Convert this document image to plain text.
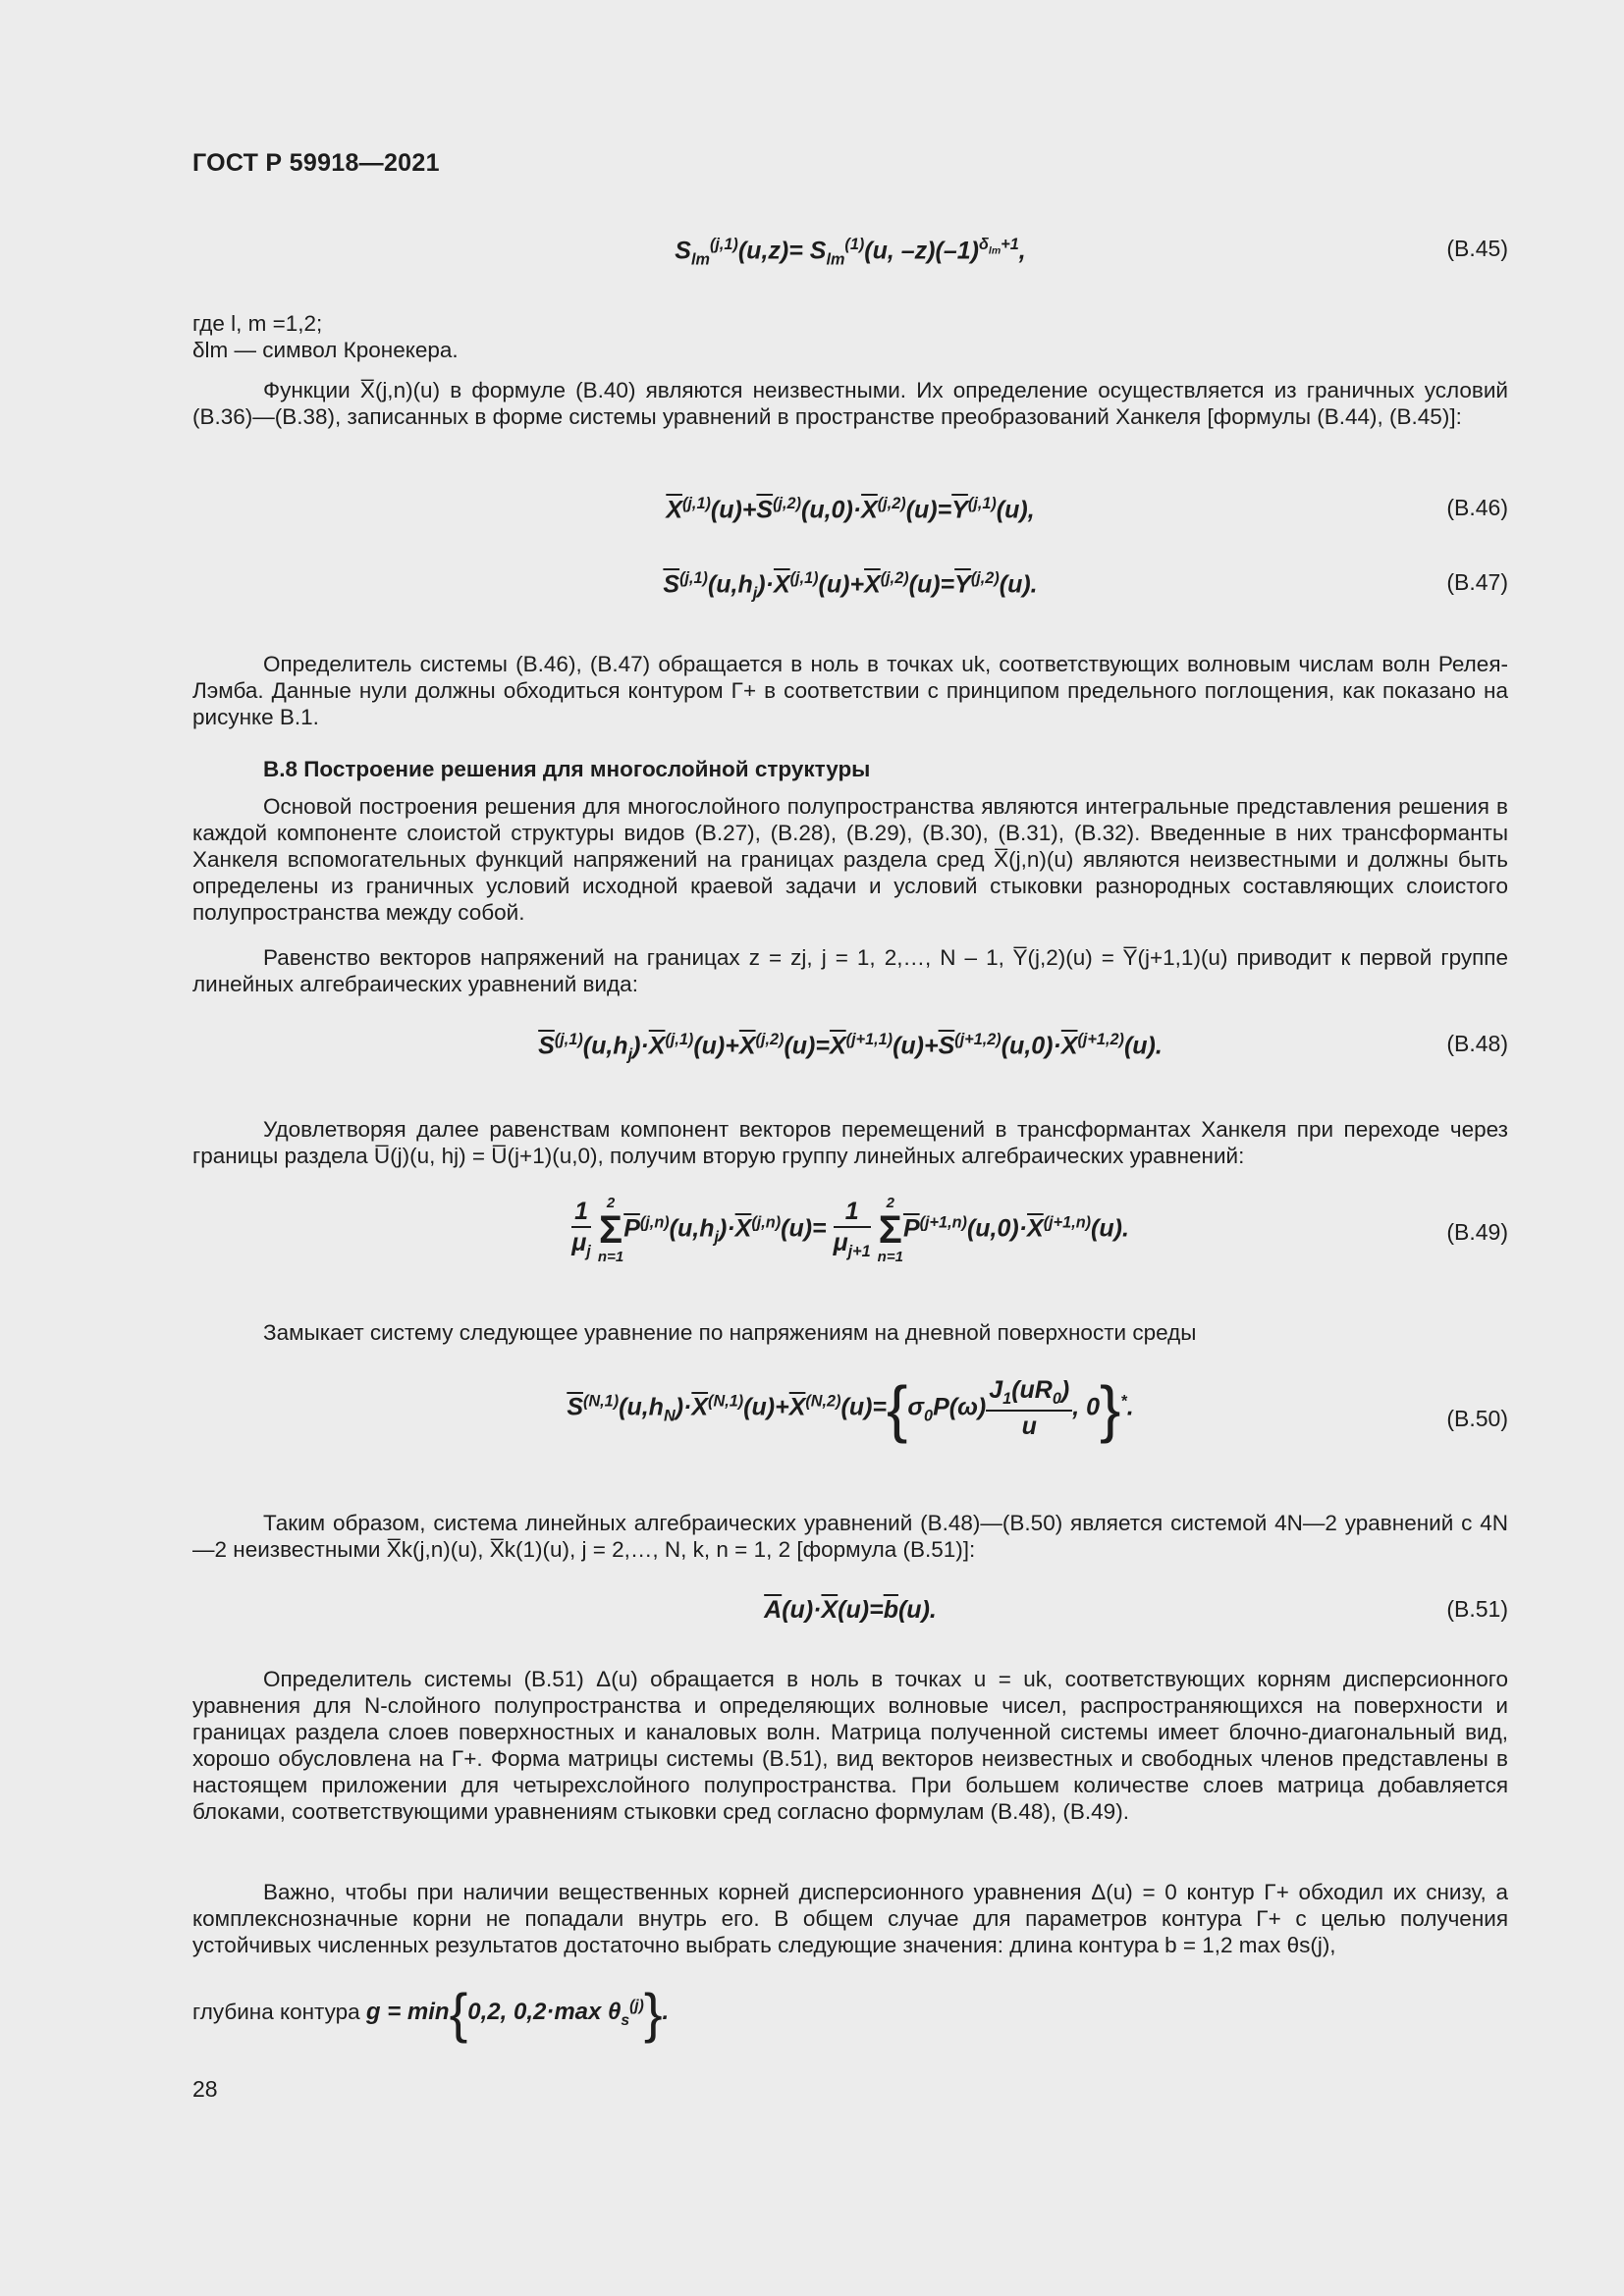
ГОСТ Р 59918—2021
$S_{lm}^{(j,1)}(u,z)= S_{lm}^{(1)}(u$, $-z)(-1)^{\delta_{lm}+1}$,	(В.45)

где l, m =1,2;

δlm — символ Кронекера.

Функции X̅(j,n)(u) в формуле (В.40) являются неизвестными. Их определение осуществляется из граничных условий (В.36)—(В.38), записанных в форме системы уравнений в пространстве преобразований Ханкеля [формулы (В.44), (В.45)]:

$\overline{X}^{(j,1)}(u)+\overline{S}^{(j,2)}(u,0)\cdot\overline{X}^{(j,2)}(u)=\overline{Y}^{(j,1)}(u)$,	(В.46)
$\overline{S}^{(j,1)}(u,h_j)\cdot\overline{X}^{(j,1)}(u)+\overline{X}^{(j,2)}(u)=\overline{Y}^{(j,2)}(u)$.	(В.47)

Определитель системы (В.46), (В.47) обращается в ноль в точках uk, соответствующих волновым числам волн Релея-Лэмба. Данные нули должны обходиться контуром Γ+ в соответствии с принципом предельного поглощения, как показано на рисунке В.1.

В.8 Построение решения для многослойной структуры

Основой построения решения для многослойного полупространства являются интегральные представления решения в каждой компоненте слоистой структуры видов (В.27), (В.28), (В.29), (В.30), (В.31), (В.32). Введенные в них трансформанты Ханкеля вспомогательных функций напряжений на границах раздела сред X̅(j,n)(u) являются неизвестными и должны быть определены из граничных условий исходной краевой задачи и условий стыковки разнородных составляющих слоистого полупространства между собой.

Равенство векторов напряжений на границах z = zj, j = 1, 2,…, N – 1, Y̅(j,2)(u) = Y̅(j+1,1)(u) приводит к первой группе линейных алгебраических уравнений вида:

$\overline{S}^{(j,1)}(u,h_j)\cdot\overline{X}^{(j,1)}(u)+\overline{X}^{(j,2)}(u)=\overline{X}^{(j+1,1)}(u)+\overline{S}^{(j+1,2)}(u,0)\cdot\overline{X}^{(j+1,2)}(u)$.	(В.48)

Удовлетворяя далее равенствам компонент векторов перемещений в трансформантах Ханкеля при переходе через границы раздела U̅(j)(u, hj) = U̅(j+1)(u,0), получим вторую группу линейных алгебраических уравнений:

$\frac{1}{\mu_j}$
	2
Σ
n=1
$\overline{P}^{(j,n)}(u,h_j)\cdot\overline{X}^{(j,n)}(u)= \frac{1}{\mu_{j+1}}$
	2
Σ
n=1
$\overline{P}^{(j+1,n)}(u,0)\cdot\overline{X}^{(j+1,n)}(u)$.	(В.49)

Замыкает систему следующее уравнение по напряжениям на дневной поверхности среды

$\overline{S}^{(N,1)}(u,h_N)\cdot\overline{X}^{(N,1)}(u)+\overline{X}^{(N,2)}(u)=\{\sigma_0P(\omega) \frac{J_1(uR_0)}{u}$ , 0}*.	(В.50)

Таким образом, система линейных алгебраических уравнений (В.48)—(В.50) является системой 4N—2 уравнений с 4N—2 неизвестными X̅k(j,n)(u), X̅k(1)(u), j = 2,…, N, k, n = 1, 2 [формула (В.51)]:

$\overline{A}(u)\cdot\overline{X}(u)=\overline{b}(u)$.	(В.51)

Определитель системы (В.51) Δ(u) обращается в ноль в точках u = uk, соответствующих корням дисперсионного уравнения для N-слойного полупространства и определяющих волновые чисел, распространяющихся на поверхности и границах раздела слоев поверхностных и каналовых волн. Матрица полученной системы имеет блочно-диагональный вид, хорошо обусловлена на Γ+. Форма матрицы системы (В.51), вид векторов неизвестных и свободных членов представлены в настоящем приложении для четырехслойного полупространства. При большем количестве слоев матрица добавляется блоками, соответствующими уравнениям стыковки сред согласно формулам (В.48), (В.49).

Важно, чтобы при наличии вещественных корней дисперсионного уравнения Δ(u) = 0 контур Γ+ обходил их снизу, а комплекснозначные корни не попадали внутрь его. В общем случае для параметров контура Γ+ с целью получения устойчивых численных результатов достаточно выбрать следующие значения: длина контура b = 1,2 max θs(j),

глубина контура g = min{0,2, 0,2·max $\theta_s^{(j)}$}.
28
